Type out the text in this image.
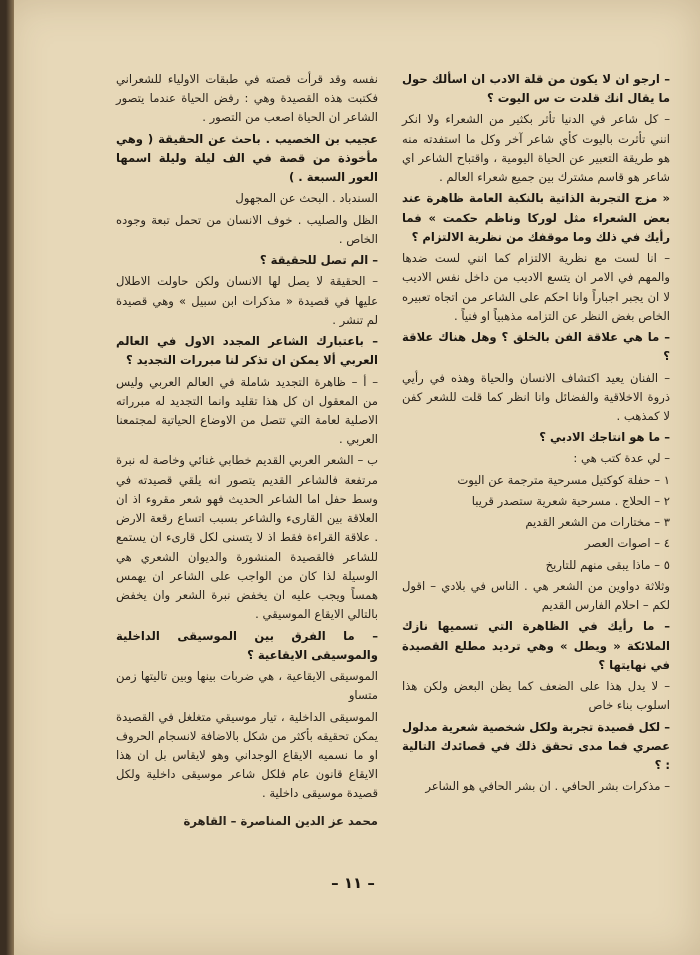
– ارجو ان لا يكون من قلة الادب ان اسألك حول ما يقال انك قلدت ت س اليوت ؟

– كل شاعر في الدنيا تأثر بكثير من الشعراء ولا انكر انني تأثرت باليوت كأي شاعر آخر وكل ما استفدته منه هو طريقة التعبير عن الحياة اليومية ، واقتباح الشاعر اي شاعر هو قاسم مشترك بين جميع شعراء العالم .

« مزج التجربة الذاتية بالنكبة العامة ظاهرة عند بعض الشعراء مثل لوركا وناظم حكمت » فما رأيك في ذلك وما موقفك من نظرية الالتزام ؟

– انا لست مع نظرية الالتزام كما انني لست ضدها والمهم في الامر ان يتسع الاديب من داخل نفس الاديب لا ان يجبر اجباراً وانا احكم على الشاعر من اتجاه تعبيره الخاص بغض النظر عن التزامه مذهبياً او فنياً .

– ما هي علاقة الفن بالخلق ؟ وهل هناك علاقة ؟

– الفنان يعيد اكتشاف الانسان والحياة وهذه في رأيي ذروة الاخلاقية والفضائل وانا انظر كما قلت للشعر كفن لا كمذهب .

– ما هو انتاجك الادبي ؟

– لي عدة كتب هي :

١ – حفلة كوكتيل مسرحية مترجمة عن اليوت
٢ – الحلاج . مسرحية شعرية ستصدر قريبا
٣ – مختارات من الشعر القديم
٤ – اصوات العصر
٥ – ماذا يبقى منهم للتاريخ

وثلاثة دواوين من الشعر هي . الناس في بلادي – اقول لكم – احلام الفارس القديم

– ما رأيك في الظاهرة التي تسميها نازك الملائكة « ويطل » وهي ترديد مطلع القصيدة في نهايتها ؟

– لا يدل هذا على الضعف كما يظن البعض ولكن هذا اسلوب بناء خاص

– لكل قصيدة تجربة ولكل شخصية شعرية مدلول عصري فما مدى تحقق ذلك في قصائدك التالية : ؟

– مذكرات بشر الحافي . ان بشر الحافي هو الشاعر

نفسه وقد قرأت قصته في طبقات الاولياء للشعراني فكتبت هذه القصيدة وهي : رفض الحياة عندما يتصور الشاعر ان الحياة اصعب من التصور .

عجيب بن الخصيب . باحث عن الحقيقة ( وهي مأخوذة من قصة في الف ليلة وليلة اسمها العور السبعة . )

السندباد . البحث عن المجهول

الظل والصليب . خوف الانسان من تحمل تبعة وجوده الخاص .

– الم تصل للحقيقة ؟

– الحقيقة لا يصل لها الانسان ولكن حاولت الاطلال عليها في قصيدة « مذكرات ابن سبيل » وهي قصيدة لم تنشر .

– باعتبارك الشاعر المجدد الاول في العالم العربي ألا يمكن ان تذكر لنا مبررات التجديد ؟

– أ – ظاهرة التجديد شاملة في العالم العربي وليس من المعقول ان كل هذا تقليد وانما التجديد له مبرراته الاصلية لعامة التي تتصل من الاوضاع الحياتية لمجتمعنا العربي .

ب – الشعر العربي القديم خطابي غنائي وخاصة له نبرة مرتفعة فالشاعر القديم يتصور انه يلقي قصيدته في وسط حفل اما الشاعر الحديث فهو شعر مقروء اذ ان العلاقة بين القارىء والشاعر بسبب اتساع رقعة الارض . علاقة القراءة فقط اذ لا يتسنى لكل قارىء ان يستمع للشاعر فالقصيدة المنشورة والديوان الشعري هي الوسيلة لذا كان من الواجب على الشاعر ان يهمس همساً ويجب عليه ان يخفض نبرة الشعر وان يخفض بالتالي الايقاع الموسيقي .

– ما الفرق بين الموسيقى الداخلية والموسيقى الايقاعية ؟

الموسيقى الايقاعية ، هي ضربات بينها وبين تاليتها زمن متساو

الموسيقى الداخلية ، تيار موسيقي متغلغل في القصيدة يمكن تحقيقه بأكثر من شكل بالاضافة لانسجام الحروف او ما نسميه الايقاع الوجداني وهو لايقاس بل ان هذا الايقاع قانون عام فلكل شاعر موسيقى داخلية ولكل قصيدة موسيقى داخلية .

محمد عز الدين المناصرة – القاهرة

– ١١ –
